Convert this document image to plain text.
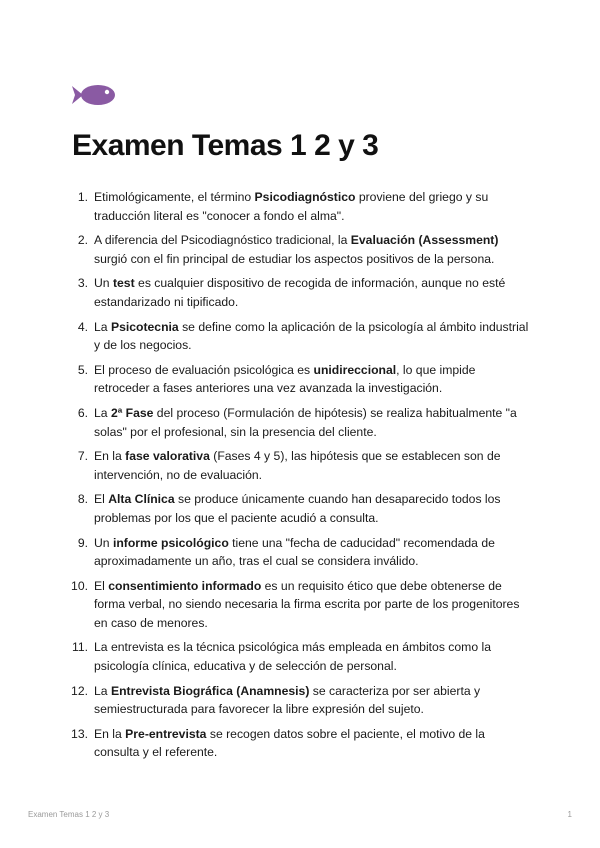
Examen Temas 1 2 y 3
1. Etimológicamente, el término Psicodiagnóstico proviene del griego y su traducción literal es "conocer a fondo el alma".
2. A diferencia del Psicodiagnóstico tradicional, la Evaluación (Assessment) surgió con el fin principal de estudiar los aspectos positivos de la persona.
3. Un test es cualquier dispositivo de recogida de información, aunque no esté estandarizado ni tipificado.
4. La Psicotecnia se define como la aplicación de la psicología al ámbito industrial y de los negocios.
5. El proceso de evaluación psicológica es unidireccional, lo que impide retroceder a fases anteriores una vez avanzada la investigación.
6. La 2ª Fase del proceso (Formulación de hipótesis) se realiza habitualmente "a solas" por el profesional, sin la presencia del cliente.
7. En la fase valorativa (Fases 4 y 5), las hipótesis que se establecen son de intervención, no de evaluación.
8. El Alta Clínica se produce únicamente cuando han desaparecido todos los problemas por los que el paciente acudió a consulta.
9. Un informe psicológico tiene una "fecha de caducidad" recomendada de aproximadamente un año, tras el cual se considera inválido.
10. El consentimiento informado es un requisito ético que debe obtenerse de forma verbal, no siendo necesaria la firma escrita por parte de los progenitores en caso de menores.
11. La entrevista es la técnica psicológica más empleada en ámbitos como la psicología clínica, educativa y de selección de personal.
12. La Entrevista Biográfica (Anamnesis) se caracteriza por ser abierta y semiestructurada para favorecer la libre expresión del sujeto.
13. En la Pre-entrevista se recogen datos sobre el paciente, el motivo de la consulta y el referente.
Examen Temas 1 2 y 3	1
